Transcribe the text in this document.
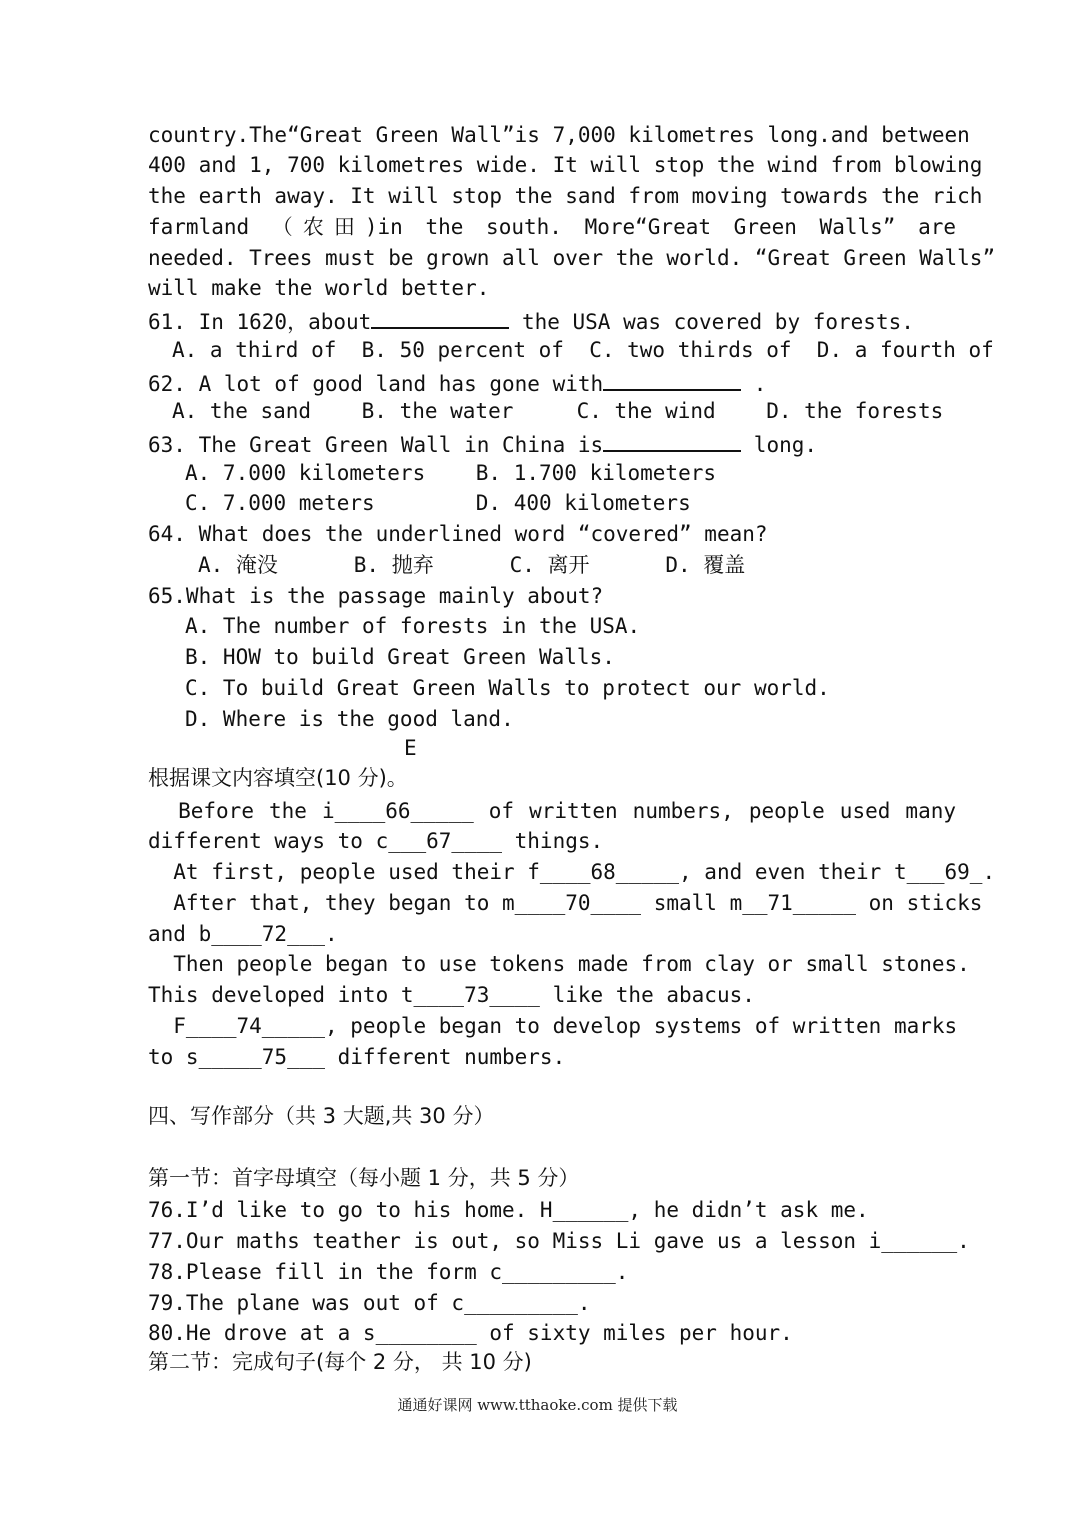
country.The“Great Green Wall”is 7,000 kilometres long.and between
400 and 1, 700 kilometres wide. It will stop the wind from blowing
the earth away. It will stop the sand from moving towards the rich
farmland （农田)in the south. More“Great Green Walls” are
needed. Trees must be grown all over the world. “Great Green Walls”
will make the world better.
61. In 1620，about	the USA was covered by forests.
A. a third of  B. 50 percent of  C. two thirds of  D. a fourth of
62. A lot of good land has gone with	.
A. the sand    B. the water     C. the wind    D. the forests
63. The Great Green Wall in China is	long.
A. 7.000 kilometers    B. 1.700 kilometers
C. 7.000 meters        D. 400 kilometers
64. What does the underlined word “covered” mean?
A. 淹没      B. 抛弃      C. 离开      D. 覆盖
65.What is the passage mainly about?
A. The number of forests in the USA.
B. HOW to build Great Green Walls.
C. To build Great Green Walls to protect our world.
D. Where is the good land.
E
根据课文内容填空(10 分)。
Before the i____66_____ of written numbers, people used many
different ways to c___67____ things.
At first, people used their f____68_____, and even their t___69_.
After that, they began to m____70____ small m__71_____ on sticks
and b____72___.
Then people began to use tokens made from clay or small stones.
This developed into t____73____ like the abacus.
F____74_____, people began to develop systems of written marks
to s_____75___ different numbers.
四、写作部分（共 3 大题,共 30 分）
第一节：首字母填空（每小题 1 分，共 5 分）
76.I’d like to go to his home. H______, he didn’t ask me.
77.Our maths teather is out, so Miss Li gave us a lesson i______.
78.Please fill in the form c_________.
79.The plane was out of c_________.
80.He drove at a s________ of sixty miles per hour.
第二节：完成句子(每个 2 分， 共 10 分)
通通好课网 www.tthaoke.com 提供下载
